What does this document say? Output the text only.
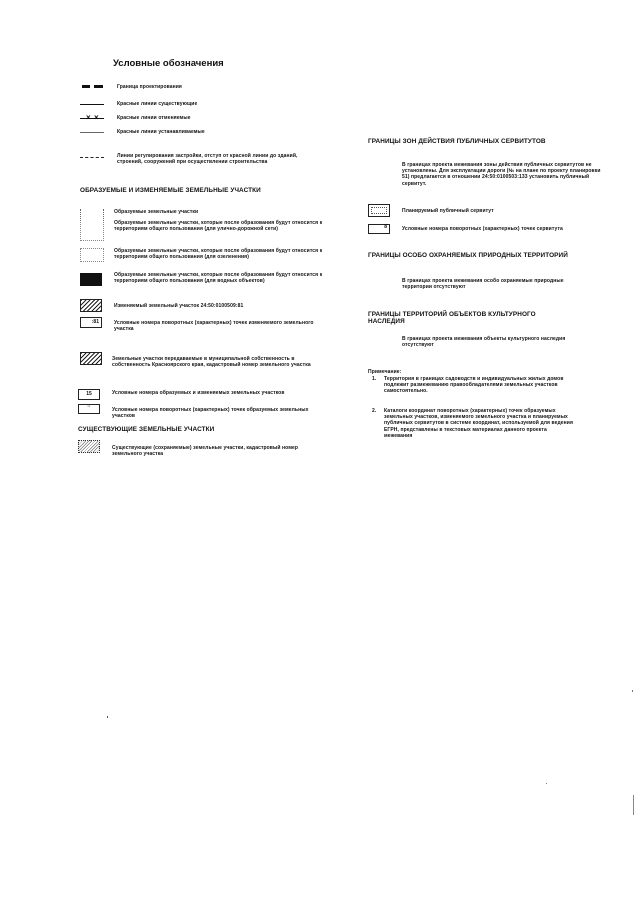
Условные обозначения
Граница проектирования
Красные линии существующие
× ×	Красные линии отменяемые
Красные линии устанавливаемые
Линии регулирования застройки, отступ от красной линии до зданий, строений, сооружений при осуществлении строительства
ОБРАЗУЕМЫЕ И ИЗМЕНЯЕМЫЕ ЗЕМЕЛЬНЫЕ УЧАСТКИ
Образуемые земельные участки
Образуемые земельные участки, которые после образования будут относится к территориям общего пользования (для улично-дорожной сети)
Образуемые земельные участки, которые после образования будут относится к территориям общего пользования (для озеленения)
Образуемые земельные участки, которые после образования будут относится к территориям общего пользования (для водных объектов)
Изменяемый земельный участок 24:50:0100509:81
:81	Условные номера поворотных (характерных) точек изменяемого земельного участка
Земельные участки передаваемые в муниципальной собственность в собственность Красноярского края, кадастровый номер земельного участка
15	Условные номера образуемых и изменяемых земельных участков
··	Условные номера поворотных (характерных) точек образуемых земельных участков
СУЩЕСТВУЮЩИЕ ЗЕМЕЛЬНЫЕ УЧАСТКИ
Существующие (сохраняемые) земельные участки, кадастровый номер земельного участка
ГРАНИЦЫ ЗОН ДЕЙСТВИЯ ПУБЛИЧНЫХ СЕРВИТУТОВ
В границах проекта межевания зоны действия публичных сервитутов не установлены. Для эксплуатации дороги (№ на плане по проекту планировки 51) предлагается в отношении 24:50:0100503:133 установить публичный сервитут.
Планируемый публичный сервитут
8	Условные номера поворотных (характерных) точек сервитута
ГРАНИЦЫ ОСОБО ОХРАНЯЕМЫХ ПРИРОДНЫХ ТЕРРИТОРИЙ
В границах проекта межевания особо охраняемые природные территории отсутствуют
ГРАНИЦЫ ТЕРРИТОРИЙ ОБЪЕКТОВ КУЛЬТУРНОГО НАСЛЕДИЯ
В границах проекта межевания объекты культурного наследия отсутствуют
Примечание:
1. Территория в границах садоводств и индивидуальных жилых домов подлежит размежеванию правообладателями земельных участков самостоятельно.
2. Каталоги координат поворотных (характерных) точек образуемых земельных участков, изменяемого земельного участка и планируемых публичных сервитутов в системе координат, используемой для ведения ЕГРН, представлены в текстовых материалах данного проекта межевания
